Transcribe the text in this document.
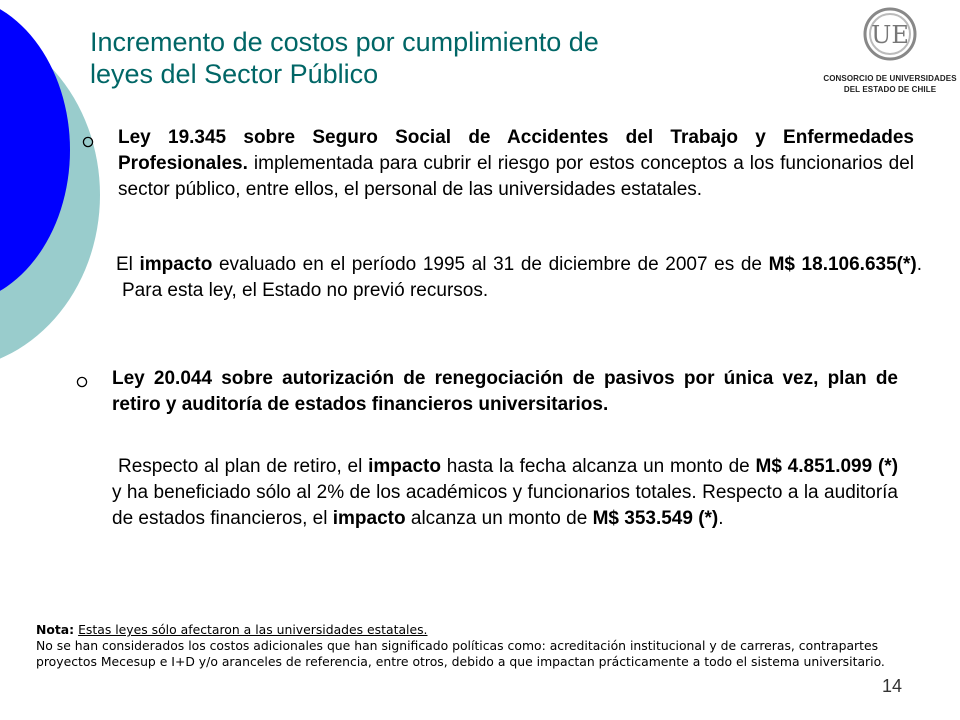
Incremento de costos por cumplimiento de
leyes del Sector Público
UE
CONSORCIO DE UNIVERSIDADES
DEL ESTADO DE CHILE
Ley 19.345 sobre Seguro Social de Accidentes del Trabajo y Enfermedades Profesionales. implementada para cubrir el riesgo por estos conceptos a los funcionarios del sector público, entre ellos, el personal de las universidades estatales.
El impacto evaluado en el período 1995 al 31 de diciembre de 2007 es de M$ 18.106.635(*). Para esta ley, el Estado no previó recursos.
Ley 20.044 sobre autorización de renegociación de pasivos por única vez, plan de retiro y auditoría de estados financieros universitarios.
Respecto al plan de retiro, el impacto hasta la fecha alcanza un monto de M$ 4.851.099 (*) y ha beneficiado sólo al 2% de los académicos y funcionarios totales. Respecto a la auditoría de estados financieros, el impacto alcanza un monto de M$ 353.549 (*).
Nota: Estas leyes sólo afectaron a las universidades estatales.
No se han considerados los costos adicionales que han significado políticas como: acreditación institucional y de carreras, contrapartes proyectos Mecesup e I+D y/o aranceles de referencia, entre otros, debido a que impactan prácticamente a todo el sistema universitario.
14
